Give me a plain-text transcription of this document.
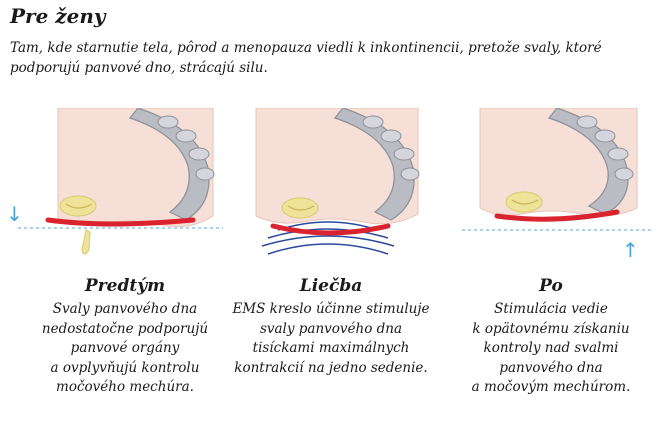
Pre ženy

Tam, kde starnutie tela, pôrod a menopauza viedli k inkontinencii, pretože svaly, ktoré podporujú panvové dno, strácajú silu.

↓
↑
Predtým

Svaly panvového dna
nedostatočne podporujú
panvové orgány
a ovplyvňujú kontrolu
močového mechúra.

Liečba

EMS kreslo účinne stimuluje
svaly panvového dna
tisíckami maximálnych
kontrakcií na jedno sedenie.

Po

Stimulácia vedie
k opätovnému získaniu
kontroly nad svalmi
panvového dna
a močovým mechúrom.
